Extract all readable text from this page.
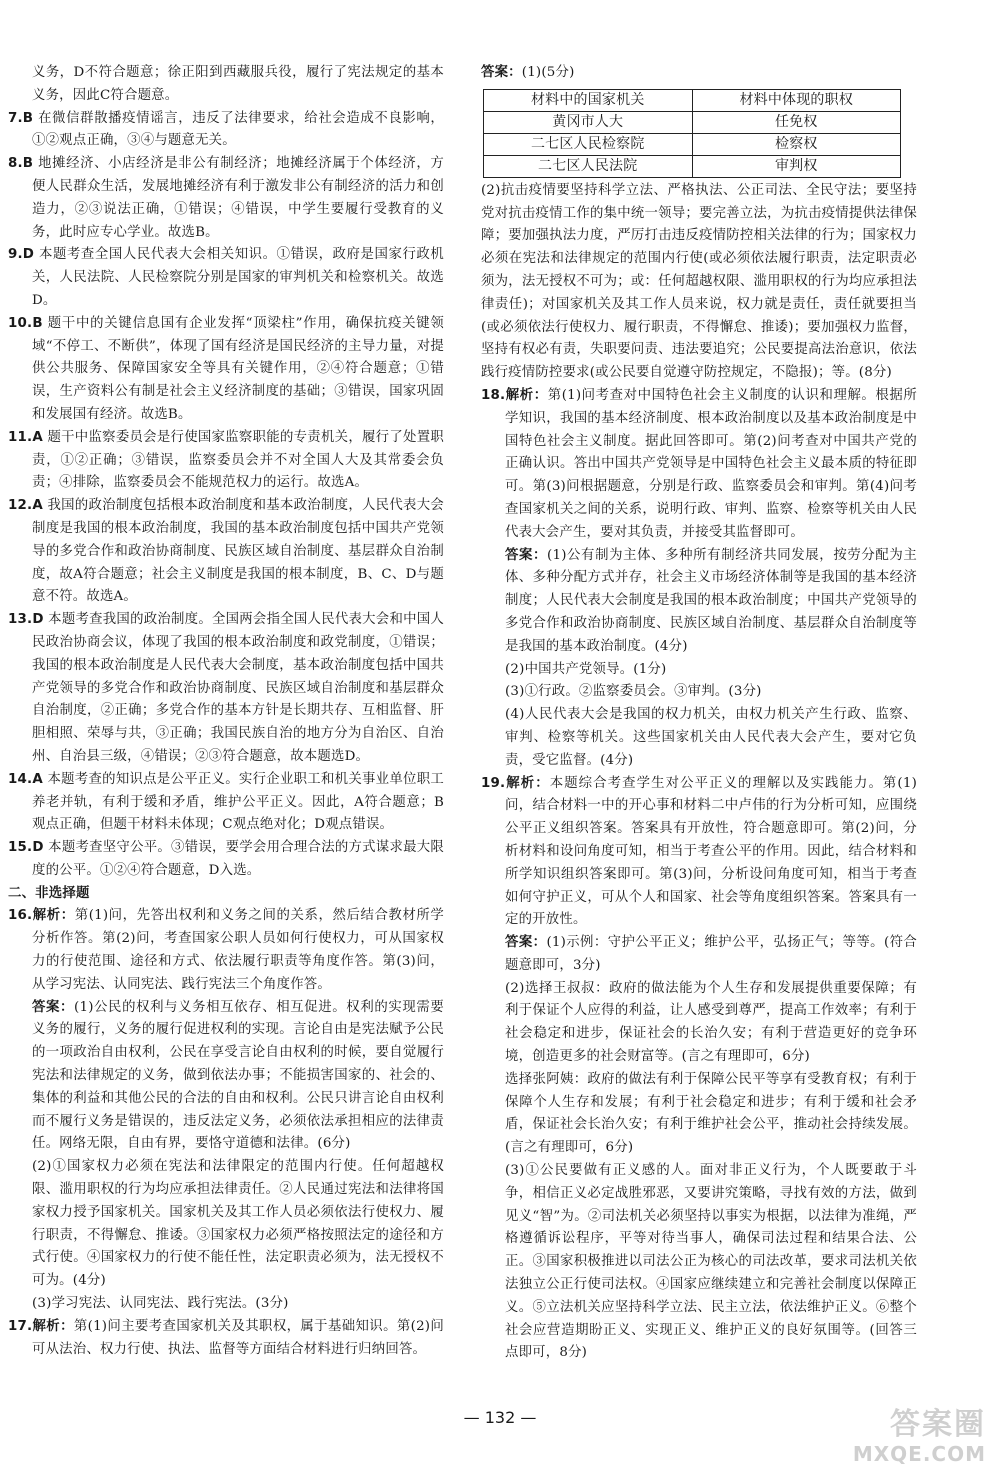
义务，D不符合题意；徐正阳到西藏服兵役，履行了宪法规定的基本义务，因此C符合题意。

7.B 在微信群散播疫情谣言，违反了法律要求，给社会造成不良影响，①②观点正确，③④与题意无关。

8.B 地摊经济、小店经济是非公有制经济；地摊经济属于个体经济，方便人民群众生活，发展地摊经济有利于激发非公有制经济的活力和创造力，②③说法正确，①错误；④错误，中学生要履行受教育的义务，此时应专心学业。故选B。

9.D 本题考查全国人民代表大会相关知识。①错误，政府是国家行政机关，人民法院、人民检察院分别是国家的审判机关和检察机关。故选D。

10.B 题干中的关键信息国有企业发挥“顶梁柱”作用，确保抗疫关键领域“不停工、不断供”，体现了国有经济是国民经济的主导力量，对提供公共服务、保障国家安全等具有关键作用，②④符合题意；①错误，生产资料公有制是社会主义经济制度的基础；③错误，国家巩固和发展国有经济。故选B。

11.A 题干中监察委员会是行使国家监察职能的专责机关，履行了处置职责，①②正确；③错误，监察委员会并不对全国人大及其常委会负责；④排除，监察委员会不能规范权力的运行。故选A。

12.A 我国的政治制度包括根本政治制度和基本政治制度，人民代表大会制度是我国的根本政治制度，我国的基本政治制度包括中国共产党领导的多党合作和政治协商制度、民族区域自治制度、基层群众自治制度，故A符合题意；社会主义制度是我国的根本制度，B、C、D与题意不符。故选A。

13.D 本题考查我国的政治制度。全国两会指全国人民代表大会和中国人民政治协商会议，体现了我国的根本政治制度和政党制度，①错误；我国的根本政治制度是人民代表大会制度，基本政治制度包括中国共产党领导的多党合作和政治协商制度、民族区域自治制度和基层群众自治制度，②正确；多党合作的基本方针是长期共存、互相监督、肝胆相照、荣辱与共，③正确；我国民族自治的地方分为自治区、自治州、自治县三级，④错误；②③符合题意，故本题选D。

14.A 本题考查的知识点是公平正义。实行企业职工和机关事业单位职工养老并轨，有利于缓和矛盾，维护公平正义。因此，A符合题意；B观点正确，但题干材料未体现；C观点绝对化；D观点错误。

15.D 本题考查坚守公平。③错误，要学会用合理合法的方式谋求最大限度的公平。①②④符合题意，D入选。

二、非选择题

16.解析：第(1)问，先答出权利和义务之间的关系，然后结合教材所学分析作答。第(2)问，考查国家公职人员如何行使权力，可从国家权力的行使范围、途径和方式、依法履行职责等角度作答。第(3)问，从学习宪法、认同宪法、践行宪法三个角度作答。

答案：(1)公民的权利与义务相互依存、相互促进。权利的实现需要义务的履行，义务的履行促进权利的实现。言论自由是宪法赋予公民的一项政治自由权利，公民在享受言论自由权利的时候，要自觉履行宪法和法律规定的义务，做到依法办事；不能损害国家的、社会的、集体的利益和其他公民的合法的自由和权利。公民只讲言论自由权利而不履行义务是错误的，违反法定义务，必须依法承担相应的法律责任。网络无限，自由有界，要恪守道德和法律。(6分)

(2)①国家权力必须在宪法和法律限定的范围内行使。任何超越权限、滥用职权的行为均应承担法律责任。②人民通过宪法和法律将国家权力授予国家机关。国家机关及其工作人员必须依法行使权力、履行职责，不得懈怠、推诿。③国家权力必须严格按照法定的途径和方式行使。④国家权力的行使不能任性，法定职责必须为，法无授权不可为。(4分)

(3)学习宪法、认同宪法、践行宪法。(3分)

17.解析：第(1)问主要考查国家机关及其职权，属于基础知识。第(2)问可从法治、权力行使、执法、监督等方面结合材料进行归纳回答。

答案：(1)(5分)

材料中的国家机关	材料中体现的职权
黄冈市人大	任免权
二七区人民检察院	检察权
二七区人民法院	审判权

(2)抗击疫情要坚持科学立法、严格执法、公正司法、全民守法；要坚持党对抗击疫情工作的集中统一领导；要完善立法，为抗击疫情提供法律保障；要加强执法力度，严厉打击违反疫情防控相关法律的行为；国家权力必须在宪法和法律规定的范围内行使(或必须依法履行职责，法定职责必须为，法无授权不可为；或：任何超越权限、滥用职权的行为均应承担法律责任)；对国家机关及其工作人员来说，权力就是责任，责任就要担当(或必须依法行使权力、履行职责，不得懈怠、推诿)；要加强权力监督，坚持有权必有责，失职要问责、违法要追究；公民要提高法治意识，依法践行疫情防控要求(或公民要自觉遵守防控规定，不隐报)；等。(8分)

18.解析：第(1)问考查对中国特色社会主义制度的认识和理解。根据所学知识，我国的基本经济制度、根本政治制度以及基本政治制度是中国特色社会主义制度。据此回答即可。第(2)问考查对中国共产党的正确认识。答出中国共产党领导是中国特色社会主义最本质的特征即可。第(3)问根据题意，分别是行政、监察委员会和审判。第(4)问考查国家机关之间的关系，说明行政、审判、监察、检察等机关由人民代表大会产生，要对其负责，并接受其监督即可。

答案：(1)公有制为主体、多种所有制经济共同发展，按劳分配为主体、多种分配方式并存，社会主义市场经济体制等是我国的基本经济制度；人民代表大会制度是我国的根本政治制度；中国共产党领导的多党合作和政治协商制度、民族区域自治制度、基层群众自治制度等是我国的基本政治制度。(4分)

(2)中国共产党领导。(1分)

(3)①行政。②监察委员会。③审判。(3分)

(4)人民代表大会是我国的权力机关，由权力机关产生行政、监察、审判、检察等机关。这些国家机关由人民代表大会产生，要对它负责，受它监督。(4分)

19.解析：本题综合考查学生对公平正义的理解以及实践能力。第(1)问，结合材料一中的开心事和材料二中卢伟的行为分析可知，应围绕公平正义组织答案。答案具有开放性，符合题意即可。第(2)问，分析材料和设问角度可知，相当于考查公平的作用。因此，结合材料和所学知识组织答案即可。第(3)问，分析设问角度可知，相当于考查如何守护正义，可从个人和国家、社会等角度组织答案。答案具有一定的开放性。

答案：(1)示例：守护公平正义；维护公平，弘扬正气；等等。(符合题意即可，3分)

(2)选择王叔叔：政府的做法能为个人生存和发展提供重要保障；有利于保证个人应得的利益，让人感受到尊严，提高工作效率；有利于社会稳定和进步，保证社会的长治久安；有利于营造更好的竞争环境，创造更多的社会财富等。(言之有理即可，6分)

选择张阿姨：政府的做法有利于保障公民平等享有受教育权；有利于保障个人生存和发展；有利于社会稳定和进步；有利于缓和社会矛盾，保证社会长治久安；有利于维护社会公平，推动社会持续发展。(言之有理即可，6分)

(3)①公民要做有正义感的人。面对非正义行为，个人既要敢于斗争，相信正义必定战胜邪恶，又要讲究策略，寻找有效的方法，做到见义“智”为。②司法机关必须坚持以事实为根据，以法律为准绳，严格遵循诉讼程序，平等对待当事人，确保司法过程和结果合法、公正。③国家积极推进以司法公正为核心的司法改革，要求司法机关依法独立公正行使司法权。④国家应继续建立和完善社会制度以保障正义。⑤立法机关应坚持科学立法、民主立法，依法维护正义。⑥整个社会应营造期盼正义、实现正义、维护正义的良好氛围等。(回答三点即可，8分)

— 132 —	答案圈
MXQE.COM
